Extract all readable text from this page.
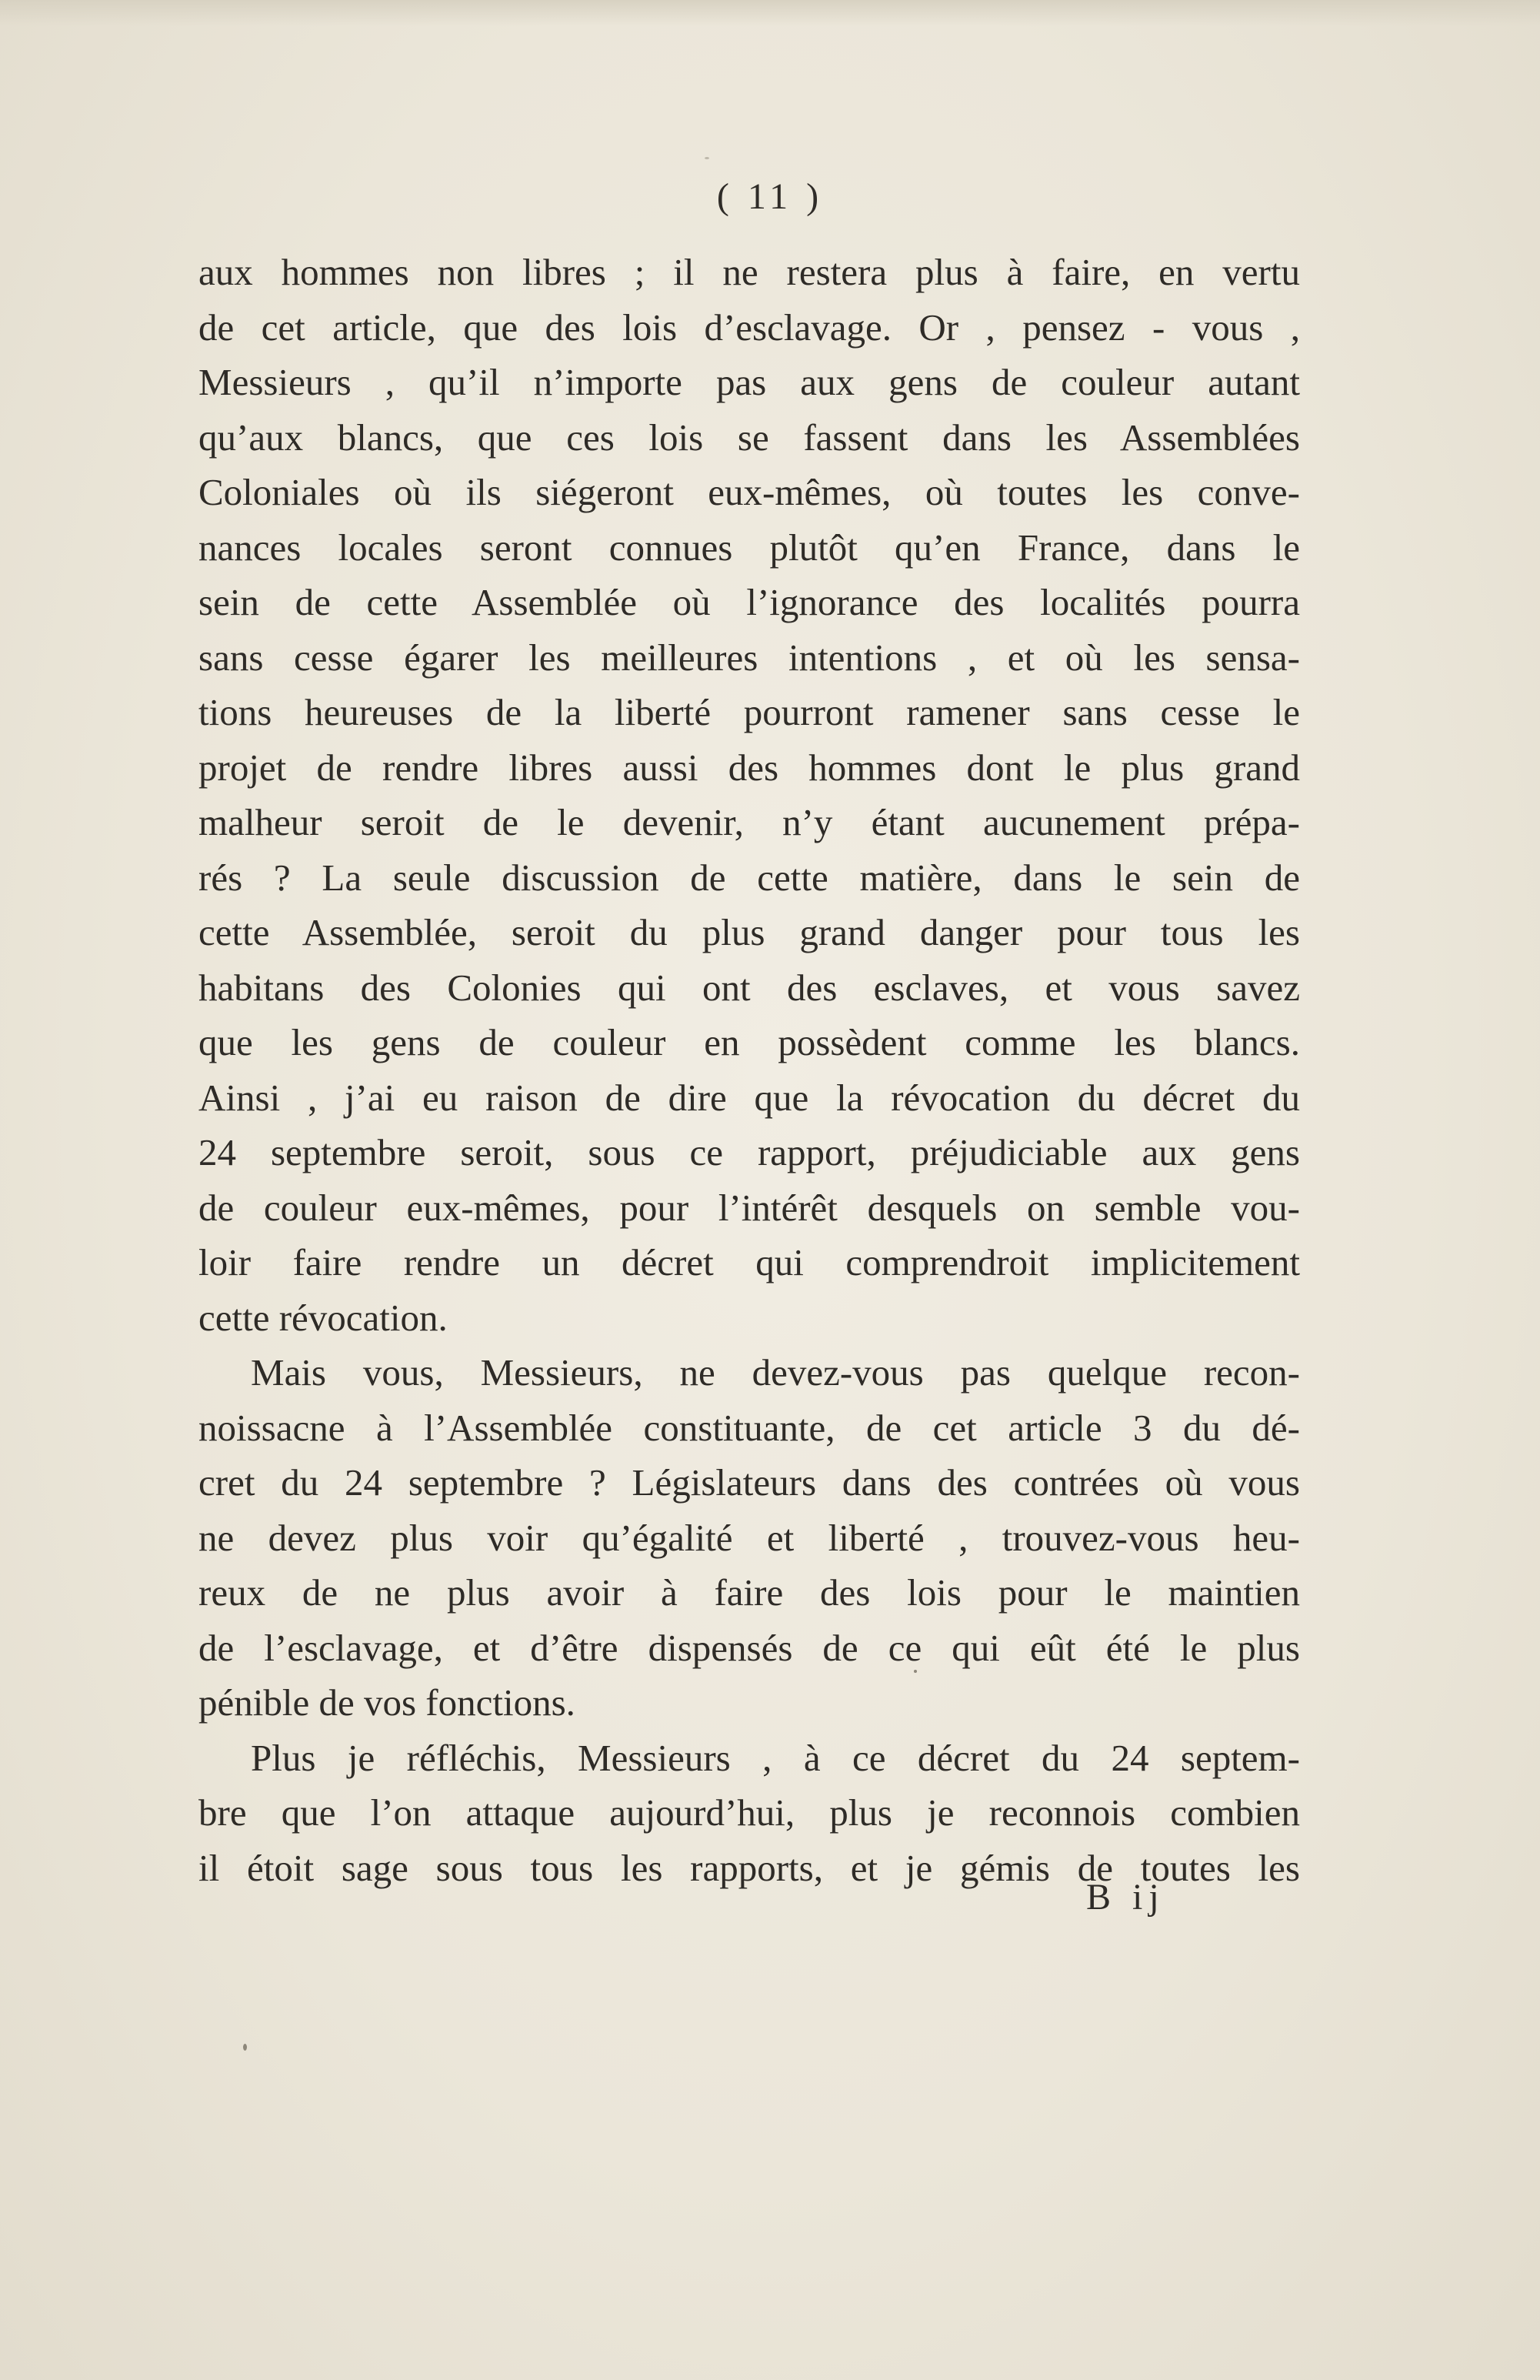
( 11 )
aux hommes non libres ; il ne restera plus à faire, en vertu
de cet article, que des lois d’esclavage. Or , pensez - vous ,
Messieurs , qu’il n’importe pas aux gens de couleur autant
qu’aux blancs, que ces lois se fassent dans les Assemblées
Coloniales où ils siégeront eux-mêmes, où toutes les conve-
nances locales seront connues plutôt qu’en France, dans le
sein de cette Assemblée où l’ignorance des localités pourra
sans cesse égarer les meilleures intentions , et où les sensa-
tions heureuses de la liberté pourront ramener sans cesse le
projet de rendre libres aussi des hommes dont le plus grand
malheur seroit de le devenir, n’y étant aucunement prépa-
rés ? La seule discussion de cette matière, dans le sein de
cette Assemblée, seroit du plus grand danger pour tous les
habitans des Colonies qui ont des esclaves, et vous savez
que les gens de couleur en possèdent comme les blancs.
Ainsi , j’ai eu raison de dire que la révocation du décret du
24 septembre seroit, sous ce rapport, préjudiciable aux gens
de couleur eux-mêmes, pour l’intérêt desquels on semble vou-
loir faire rendre un décret qui comprendroit implicitement
cette révocation.
Mais vous, Messieurs, ne devez-vous pas quelque recon-
noissacne à l’Assemblée constituante, de cet article 3 du dé-
cret du 24 septembre ? Législateurs dans des contrées où vous
ne devez plus voir qu’égalité et liberté , trouvez-vous heu-
reux de ne plus avoir à faire des lois pour le maintien
de l’esclavage, et d’être dispensés de ce qui eût été le plus
pénible de vos fonctions.
Plus je réfléchis, Messieurs , à ce décret du 24 septem-
bre que l’on attaque aujourd’hui, plus je reconnois combien
il étoit sage sous tous les rapports, et je gémis de toutes les
B ij
